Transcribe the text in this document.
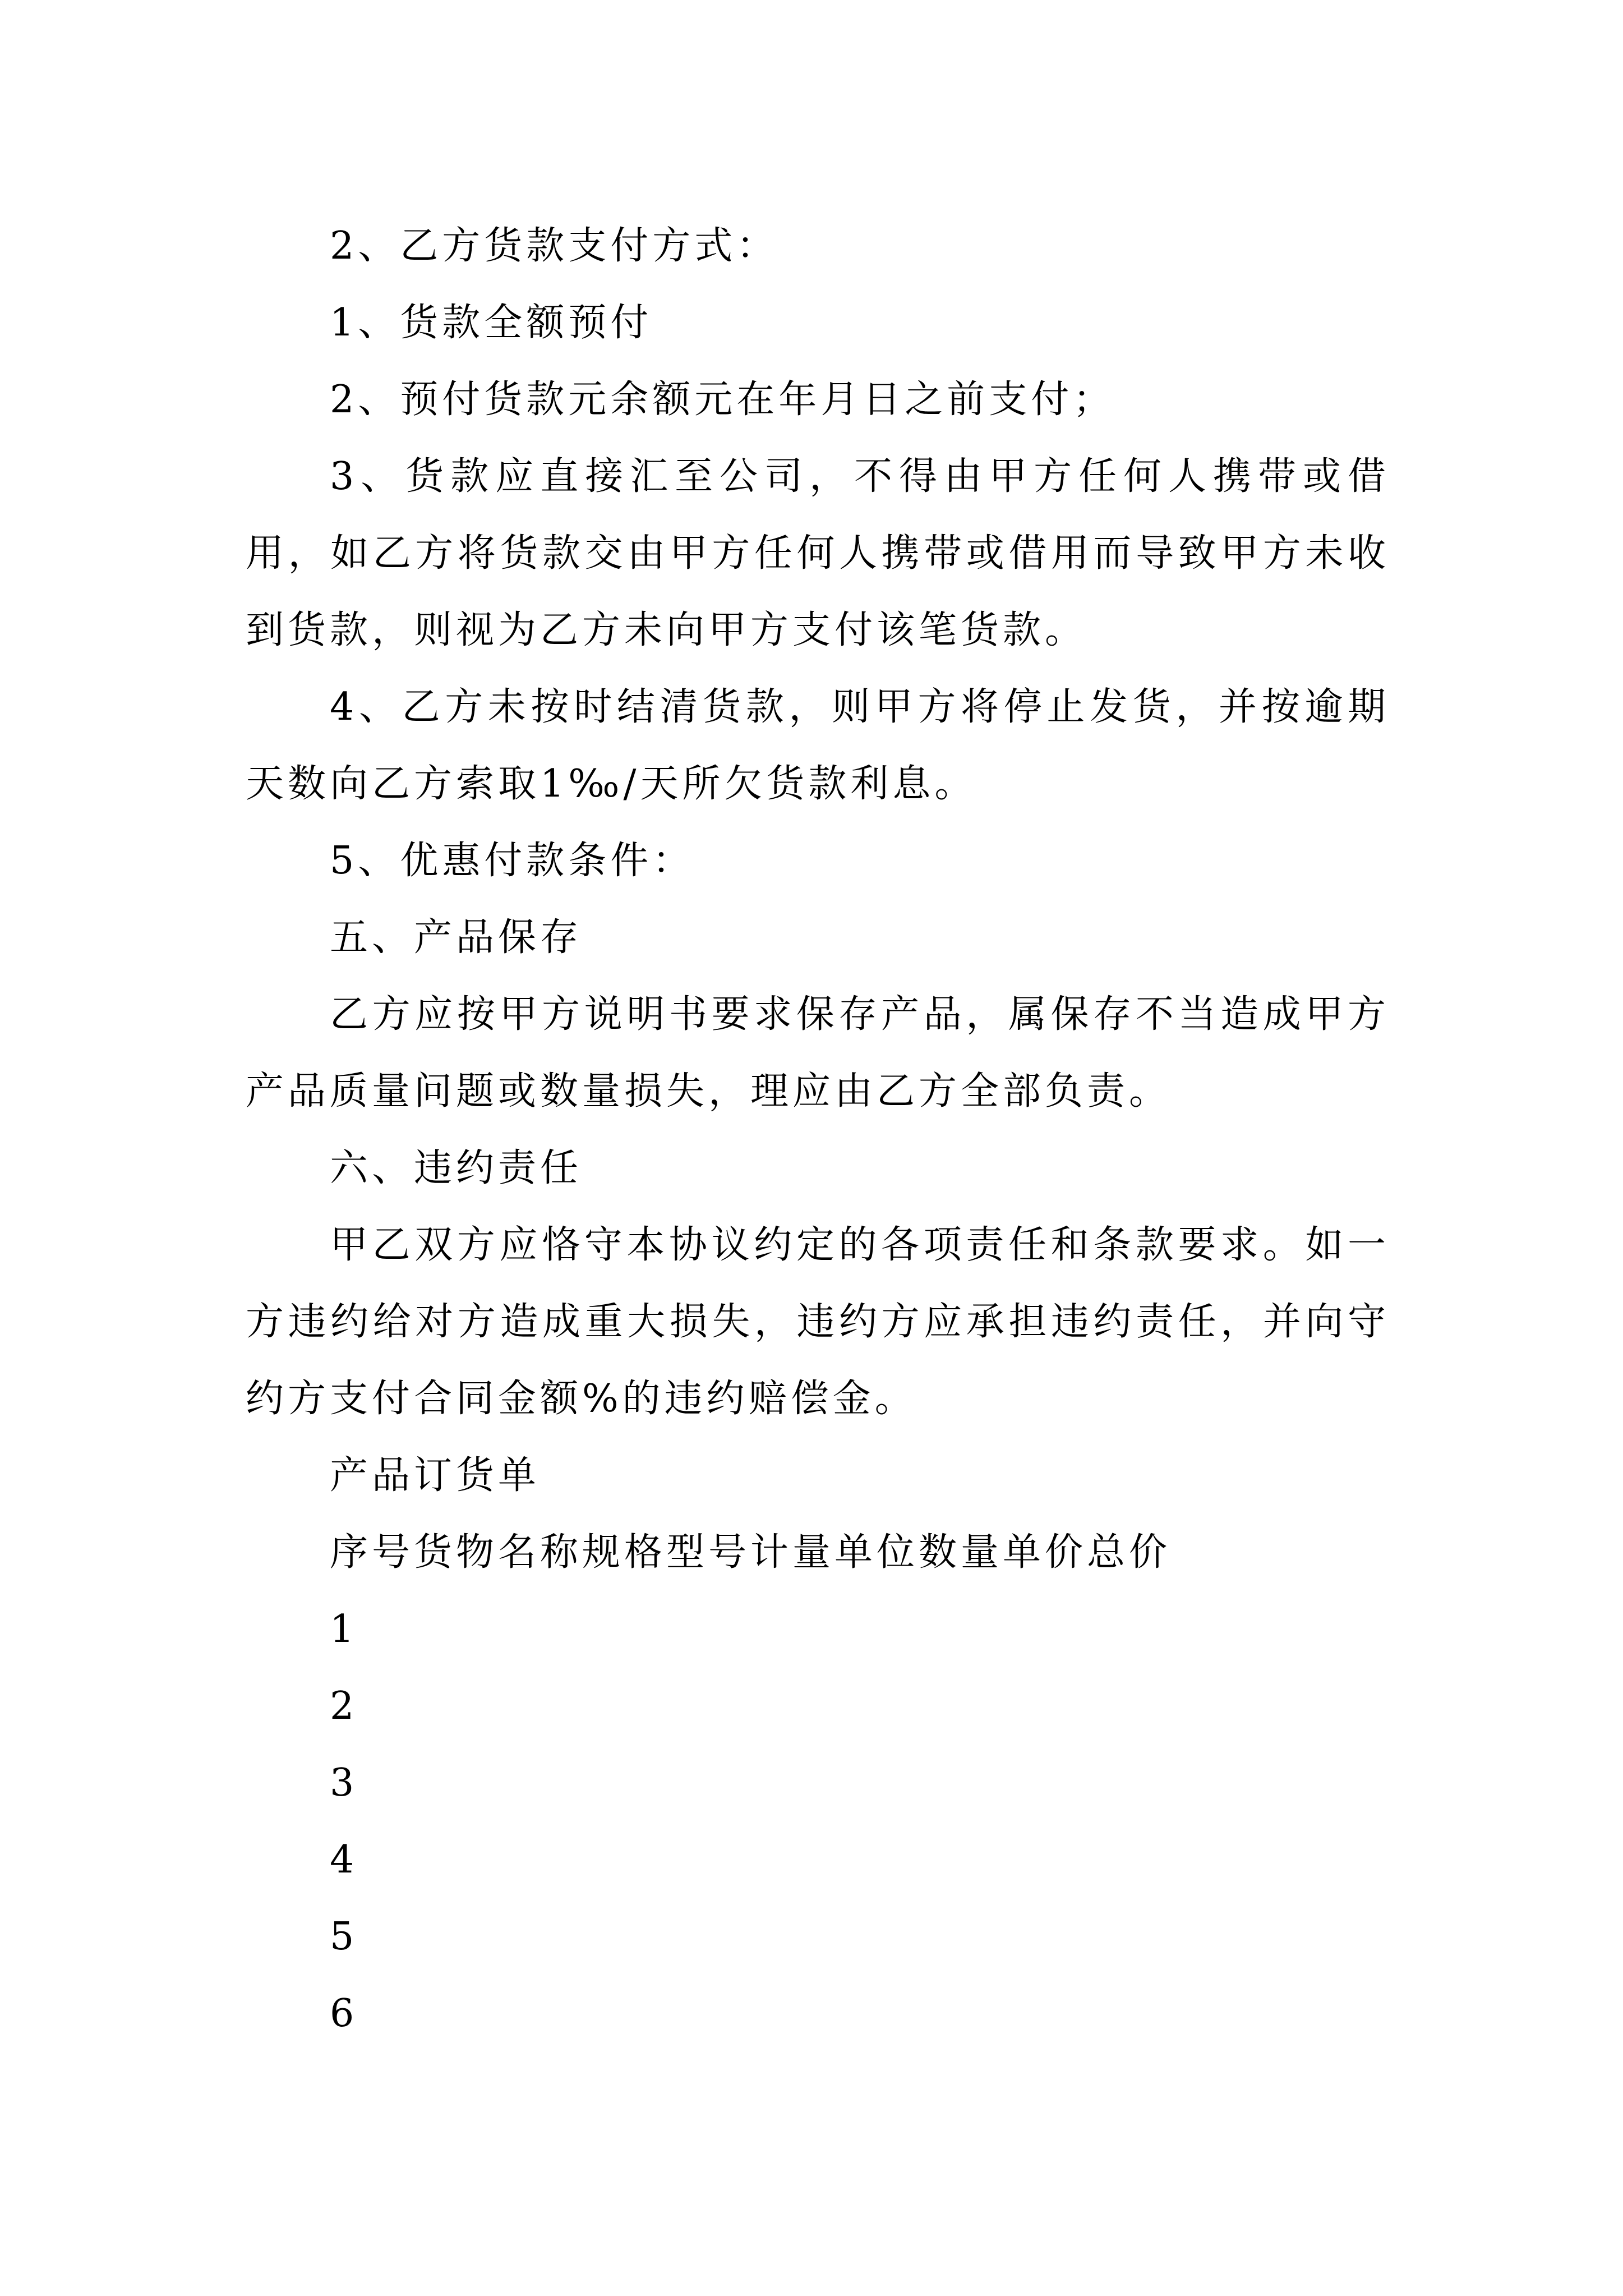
2、乙方货款支付方式：

1、货款全额预付

2、预付货款元余额元在年月日之前支付；

3、货款应直接汇至公司，不得由甲方任何人携带或借用，如乙方将货款交由甲方任何人携带或借用而导致甲方未收到货款，则视为乙方未向甲方支付该笔货款。

4、乙方未按时结清货款，则甲方将停止发货，并按逾期天数向乙方索取1‰/天所欠货款利息。

5、优惠付款条件：

五、产品保存

乙方应按甲方说明书要求保存产品，属保存不当造成甲方产品质量问题或数量损失，理应由乙方全部负责。

六、违约责任

甲乙双方应恪守本协议约定的各项责任和条款要求。如一方违约给对方造成重大损失，违约方应承担违约责任，并向守约方支付合同金额%的违约赔偿金。

产品订货单

序号货物名称规格型号计量单位数量单价总价

1

2

3

4

5

6
